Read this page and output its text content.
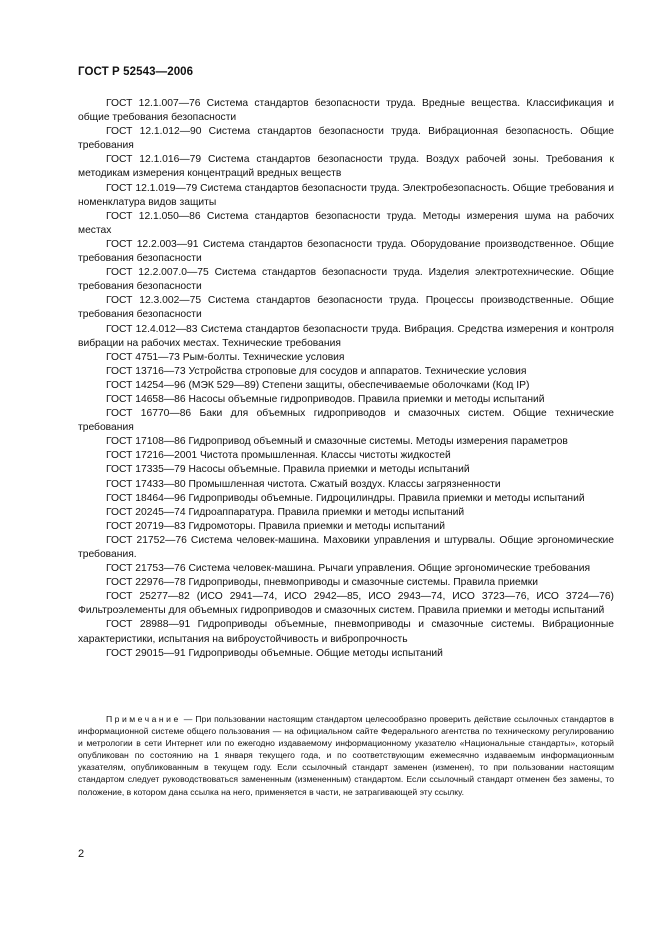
ГОСТ Р 52543—2006

ГОСТ 12.1.007—76 Система стандартов безопасности труда. Вредные вещества. Классификация и общие требования безопасности

ГОСТ 12.1.012—90 Система стандартов безопасности труда. Вибрационная безопасность. Общие требования

ГОСТ 12.1.016—79 Система стандартов безопасности труда. Воздух рабочей зоны. Требования к методикам измерения концентраций вредных веществ

ГОСТ 12.1.019—79 Система стандартов безопасности труда. Электробезопасность. Общие требования и номенклатура видов защиты

ГОСТ 12.1.050—86 Система стандартов безопасности труда. Методы измерения шума на рабочих местах

ГОСТ 12.2.003—91 Система стандартов безопасности труда. Оборудование производственное. Общие требования безопасности

ГОСТ 12.2.007.0—75 Система стандартов безопасности труда. Изделия электротехнические. Общие требования безопасности

ГОСТ 12.3.002—75 Система стандартов безопасности труда. Процессы производственные. Общие требования безопасности

ГОСТ 12.4.012—83 Система стандартов безопасности труда. Вибрация. Средства измерения и контроля вибрации на рабочих местах. Технические требования

ГОСТ 4751—73 Рым-болты. Технические условия

ГОСТ 13716—73 Устройства строповые для сосудов и аппаратов. Технические условия

ГОСТ 14254—96 (МЭК 529—89) Степени защиты, обеспечиваемые оболочками (Код IP)

ГОСТ 14658—86 Насосы объемные гидроприводов. Правила приемки и методы испытаний

ГОСТ 16770—86 Баки для объемных гидроприводов и смазочных систем. Общие технические требования

ГОСТ 17108—86 Гидропривод объемный и смазочные системы. Методы измерения параметров

ГОСТ 17216—2001 Чистота промышленная. Классы чистоты жидкостей

ГОСТ 17335—79 Насосы объемные. Правила приемки и методы испытаний

ГОСТ 17433—80 Промышленная чистота. Сжатый воздух. Классы загрязненности

ГОСТ 18464—96 Гидроприводы объемные. Гидроцилиндры. Правила приемки и методы испытаний

ГОСТ 20245—74 Гидроаппаратура. Правила приемки и методы испытаний

ГОСТ 20719—83 Гидромоторы. Правила приемки и методы испытаний

ГОСТ 21752—76 Система человек-машина. Маховики управления и штурвалы. Общие эргономические требования.

ГОСТ 21753—76 Система человек-машина. Рычаги управления. Общие эргономические требования

ГОСТ 22976—78 Гидроприводы, пневмоприводы и смазочные системы. Правила приемки

ГОСТ 25277—82 (ИСО 2941—74, ИСО 2942—85, ИСО 2943—74, ИСО 3723—76, ИСО 3724—76) Фильтроэлементы для объемных гидроприводов и смазочных систем. Правила приемки и методы испытаний

ГОСТ 28988—91 Гидроприводы объемные, пневмоприводы и смазочные системы. Вибрационные характеристики, испытания на виброустойчивость и вибропрочность

ГОСТ 29015—91 Гидроприводы объемные. Общие методы испытаний

Примечание — При пользовании настоящим стандартом целесообразно проверить действие ссылочных стандартов в информационной системе общего пользования — на официальном сайте Федерального агентства по техническому регулированию и метрологии в сети Интернет или по ежегодно издаваемому информационному указателю «Национальные стандарты», который опубликован по состоянию на 1 января текущего года, и по соответствующим ежемесячно издаваемым информационным указателям, опубликованным в текущем году. Если ссылочный стандарт заменен (изменен), то при пользовании настоящим стандартом следует руководствоваться замененным (измененным) стандартом. Если ссылочный стандарт отменен без замены, то положение, в котором дана ссылка на него, применяется в части, не затрагивающей эту ссылку.

2
